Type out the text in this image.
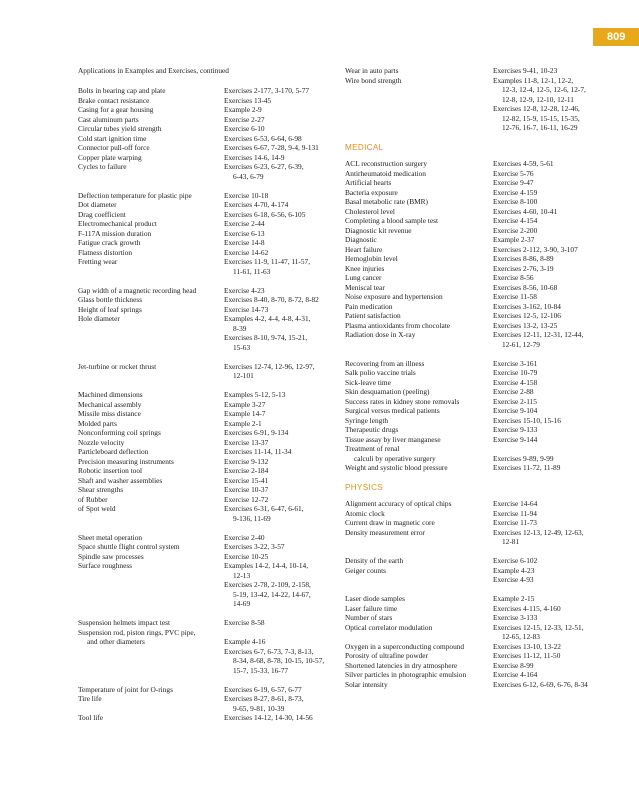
809
Applications in Examples and Exercises, continued
Bolts in bearing cap and plate	Exercises 2-177, 3-170, 5-77
Brake contact resistance	Exercises 13-45
Casing for a gear housing	Example 2-9
Cast aluminum parts	Exercise 2-27
Circular tubes yield strength	Exercise 6-10
Cold start ignition time	Exercises 6-53, 6-64, 6-98
Connector pull-off force	Exercises 6-67, 7-28, 9-4, 9-131
Copper plate warping	Exercises 14-6, 14-9
Cycles to failure	Exercises 6-23, 6-27, 6-39,
6-43, 6-79
Deflection temperature for plastic pipe	Exercise 10-18
Dot diameter	Exercises 4-70, 4-174
Drag coefficient	Exercises 6-18, 6-56, 6-105
Electromechanical product	Exercise 2-44
F-117A mission duration	Exercise 6-13
Fatigue crack growth	Exercise 14-8
Flatness distortion	Exercise 14-62
Fretting wear	Exercises 11-9, 11-47, 11-57,
11-61, 11-63
Gap width of a magnetic recording head	Exercise 4-23
Glass bottle thickness	Exercises 8-40, 8-70, 8-72, 8-82
Height of leaf springs	Exercise 14-73
Hole diameter	Examples 4-2, 4-4, 4-8, 4-31,
8-39
Exercises 8-10, 9-74, 15-21,
15-63
Jet-turbine or rocket thrust	Exercises 12-74, 12-96, 12-97,
12-101
Machined dimensions	Examples 5-12, 5-13
Mechanical assembly	Example 3-27
Missile miss distance	Example 14-7
Molded parts	Example 2-1
Nonconforming coil springs	Exercises 6-91, 9-134
Nozzle velocity	Exercise 13-37
Particleboard deflection	Exercises 11-14, 11-34
Precision measuring instruments	Exercise 9-132
Robotic insertion tool	Exercise 2-184
Shaft and washer assemblies	Exercise 15-41
Shear strengths	Exercise 10-37
of Rubber	Exercise 12-72
of Spot weld	Exercises 6-31, 6-47, 6-61,
9-136, 11-69
Sheet metal operation	Exercise 2-40
Space shuttle flight control system	Exercises 3-22, 3-57
Spindle saw processes	Exercise 10-25
Surface roughness	Examples 14-2, 14-4, 10-14,
12-13
Exercises 2-78, 2-109, 2-158,
5-19, 13-42, 14-22, 14-67,
14-69
Suspension helmets impact test	Exercise 8-58
Suspension rod, piston rings, PVC pipe,
and other diameters
	Example 4-16
Exercises 6-7, 6-73, 7-3, 8-13,
8-34, 8-68, 8-78, 10-15, 10-57,
15-7, 15-33, 16-77
Temperature of joint for O-rings	Exercises 6-19, 6-57, 6-77
Tire life	Exercises 8-27, 8-61, 8-73,
9-65, 9-81, 10-39
Tool life	Exercises 14-12, 14-30, 14-56
Wear in auto parts	Exercises 9-41, 10-23
Wire bond strength	Examples 11-8, 12-1, 12-2,
12-3, 12-4, 12-5, 12-6, 12-7,
12-8, 12-9, 12-10, 12-11
Exercises 12-8, 12-28, 12-46,
12-82, 15-9, 15-15, 15-35,
12-76, 16-7, 16-11, 16-29
MEDICAL
ACL reconstruction surgery	Exercises 4-59, 5-61
Antirheumatoid medication	Exercise 5-76
Artificial hearts	Exercise 9-47
Bacteria exposure	Exercise 4-159
Basal metabolic rate (BMR)	Exercise 8-100
Cholesterol level	Exercises 4-60, 10-41
Completing a blood sample test	Exercise 4-154
Diagnostic kit revenue	Exercise 2-200
Diagnostic	Example 2-37
Heart failure	Exercises 2-112, 3-90, 3-107
Hemoglobin level	Exercises 8-86, 8-89
Knee injuries	Exercises 2-76, 3-19
Lung cancer	Exercise 8-56
Meniscal tear	Exercises 8-56, 10-68
Noise exposure and hypertension	Exercise 11-58
Pain medication	Exercises 3-162, 10-84
Patient satisfaction	Exercises 12-5, 12-106
Plasma antioxidants from chocolate	Exercises 13-2, 13-25
Radiation dose in X-ray	Exercises 12-11, 12-31, 12-44,
12-61, 12-79
Recovering from an illness	Exercise 3-161
Salk polio vaccine trials	Exercise 10-79
Sick-leave time	Exercise 4-158
Skin desquamation (peeling)	Exercise 2-88
Success rates in kidney stone removals	Exercise 2-115
Surgical versus medical patients	Exercise 9-104
Syringe length	Exercises 15-10, 15-16
Therapeutic drugs	Exercise 9-133
Tissue assay by liver manganese	Exercise 9-144
Treatment of renal
calculi by operative surgery
	Exercises 9-89, 9-99
Weight and systolic blood pressure	Exercises 11-72, 11-89
PHYSICS
Alignment accuracy of optical chips	Exercise 14-64
Atomic clock	Exercise 11-94
Current draw in magnetic core	Exercise 11-73
Density measurement error	Exercises 12-13, 12-49, 12-63,
12-81
Density of the earth	Exercise 6-102
Geiger counts	Example 4-23
Exercise 4-93
Laser diode samples	Example 2-15
Laser failure time	Exercises 4-115, 4-160
Number of stars	Exercise 3-133
Optical correlator modulation	Exercises 12-15, 12-33, 12-51,
12-65, 12-83
Oxygen in a superconducting compound	Exercises 13-10, 13-22
Porosity of ultrafine powder	Exercises 11-12, 11-50
Shortened latencies in dry atmosphere	Exercise 8-99
Silver particles in photographic emulsion	Exercise 4-164
Solar intensity	Exercises 6-12, 6-69, 6-76, 8-34
